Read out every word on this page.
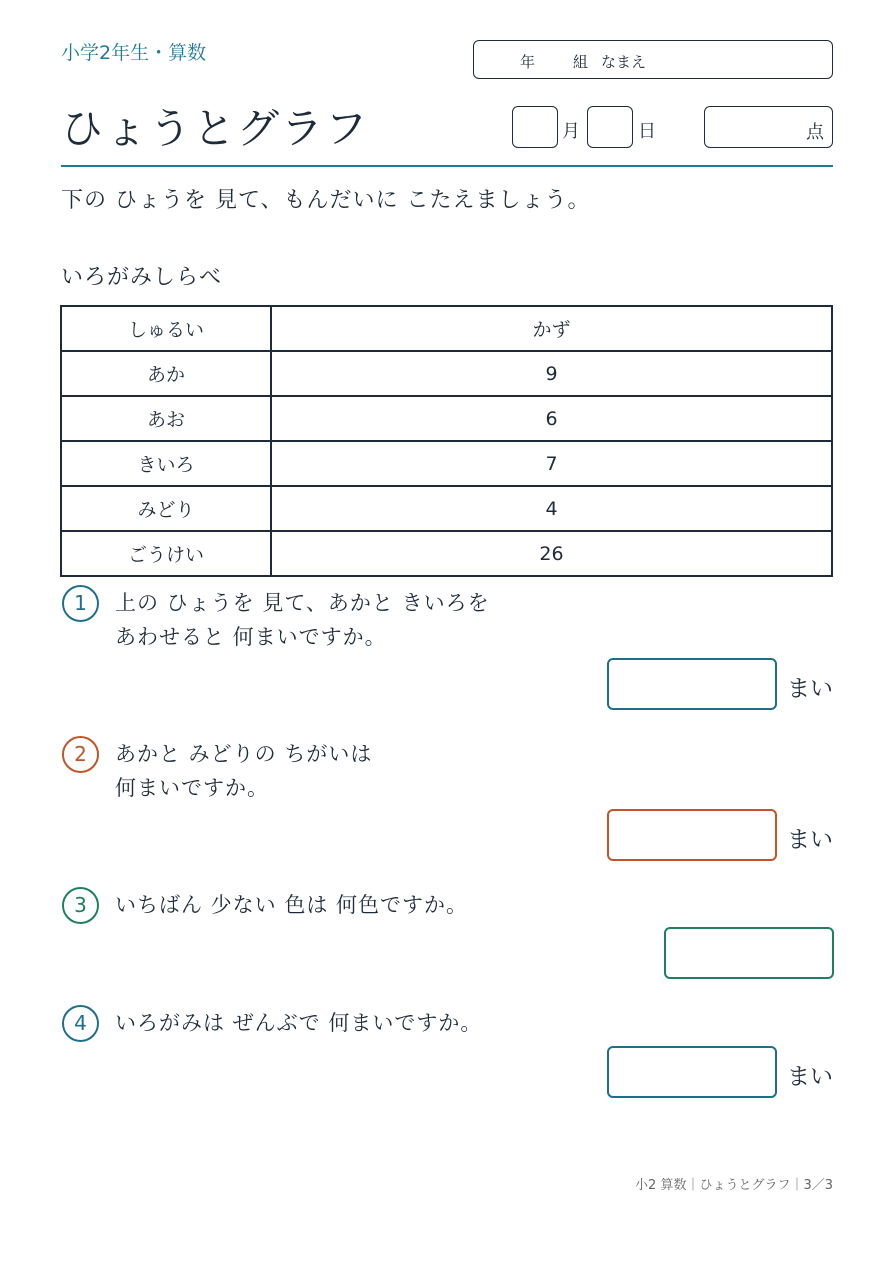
小学2年生・算数	年	組 なまえ
ひょうとグラフ	月	日	点
下の ひょうを 見て、もんだいに こたえましょう。
いろがみしらべ
しゅるい	かず
あか	9
あお	6
きいろ	7
みどり	4
ごうけい	26
1	上の ひょうを 見て、あかと きいろを
あわせると 何まいですか。
まい
2	あかと みどりの ちがいは
何まいですか。
まい
3	いちばん 少ない 色は 何色ですか。
4	いろがみは ぜんぶで 何まいですか。
まい
小2 算数｜ひょうとグラフ｜3／3
